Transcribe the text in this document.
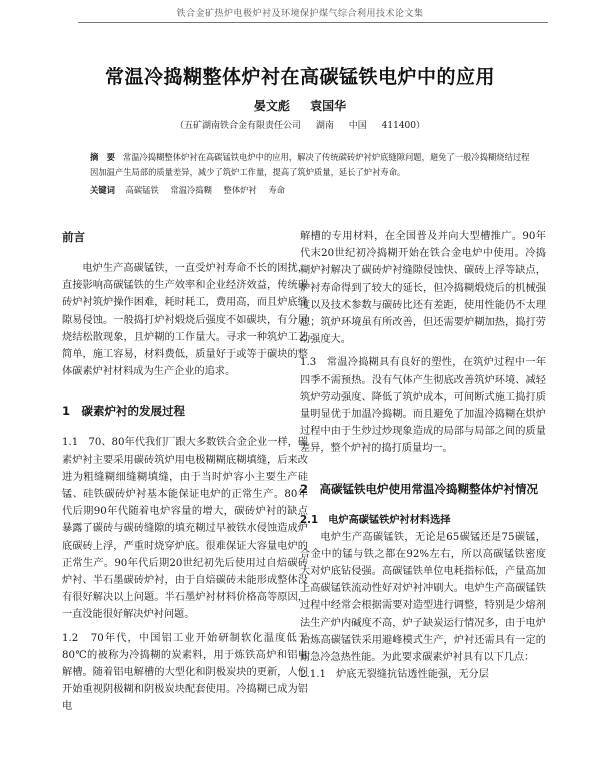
铁合金矿热炉电极炉衬及环境保护煤气综合利用技术论文集
常温冷捣糊整体炉衬在高碳锰铁电炉中的应用
晏文彪 袁国华
（五矿湖南铁合金有限责任公司 湖南 中国 411400）
摘　要 常温冷捣糊整体炉衬在高碳锰铁电炉中的应用，解决了传统碳砖炉衬炉底缝隙问题，避免了一般冷捣糊烧结过程因加温产生局部的质量差异，减少了筑炉工作量，提高了筑炉质量，延长了炉衬寿命。
关键词 高碳锰铁 常温冷捣糊 整体炉衬 寿命
前言

电炉生产高碳锰铁，一直受炉衬寿命不长的困扰，直接影响高碳锰铁的生产效率和企业经济效益，传统碳砖炉衬筑炉操作困难，耗时耗工，费用高，而且炉底缝隙易侵蚀。一般捣打炉衬煅烧后强度不如碳块，有分层烧结松散现象，且炉糊的工作量大。寻求一种筑炉工艺简单，施工容易，材料费低，质量好于或等于碳块的整体碳素炉衬材料成为生产企业的追求。

1　碳素炉衬的发展过程

1.1　70、80年代我们厂跟大多数铁合金企业一样，碳素炉衬主要采用碳砖筑炉用电极糊糊底糊填缝，后来改进为粗缝糊细缝糊填缝，由于当时炉容小主要生产硅锰、硅铁碳砖炉衬基本能保证电炉的正常生产。80年代后期90年代随着电炉容量的增大，碳砖炉衬的缺点暴露了碳砖与碳砖缝隙的填充糊过早被铁水侵蚀造成炉底碳砖上浮，严重时烧穿炉底。很难保证大容量电炉的正常生产。90年代后期20世纪初先后使用过自焙碳砖炉衬、半石墨碳砖炉衬，由于自焙碳砖未能形成整体没有很好解决以上问题。半石墨炉衬材料价格高等原因，一直没能很好解决炉衬问题。

1.2　70年代，中国铝工业开始研制软化温度低于80℃的被称为冷捣糊的炭素料，用于炼铁高炉和铝电解槽。随着铝电解槽的大型化和阴极炭块的更新，人们开始重视阴极糊和阴极炭块配套使用。冷捣糊已成为铝电

解槽的专用材料，在全国普及并向大型槽推广。90年代末20世纪初冷捣糊开始在铁合金电炉中使用。冷捣糊炉衬解决了碳砖炉衬缝隙侵蚀快、碳砖上浮等缺点，炉衬寿命得到了较大的延长，但冷捣糊煅烧后的机械强度以及技术参数与碳砖比还有差距，使用性能仍不太理想；筑炉环境虽有所改善，但还需要炉糊加热，捣打劳动强度大。

1.3　常温冷捣糊具有良好的塑性，在筑炉过程中一年四季不需预热。没有气体产生彻底改善筑炉环境、减轻筑炉劳动强度、降低了筑炉成本，可间断式施工捣打质量明显优于加温冷捣糊。而且避免了加温冷捣糊在烘炉过程中由于生炒过炒现象造成的局部与局部之间的质量差异，整个炉衬的捣打质量均一。

2　高碳锰铁电炉使用常温冷捣糊整体炉衬情况
2.1　电炉高碳锰铁炉衬材料选择

电炉生产高碳锰铁，无论是65碳锰还是75碳锰，合金中的锰与铁之都在92%左右，所以高碳锰铁密度大对炉底钻侵强。高碳锰铁单位电耗指标低，产量高加上高碳锰铁流动性好对炉衬冲刷大。电炉生产高碳锰铁过程中经常会根据需要对造型进行调整，特别是少熔剂法生产炉内碱度不高，炉子缺炭运行情况多，由于电炉冶炼高碳锰铁采用避峰模式生产，炉衬还需具有一定的耐急冷急热性能。为此要求碳素炉衬具有以下几点：

2.1.1　炉底无裂缝抗钻透性能强，无分层
